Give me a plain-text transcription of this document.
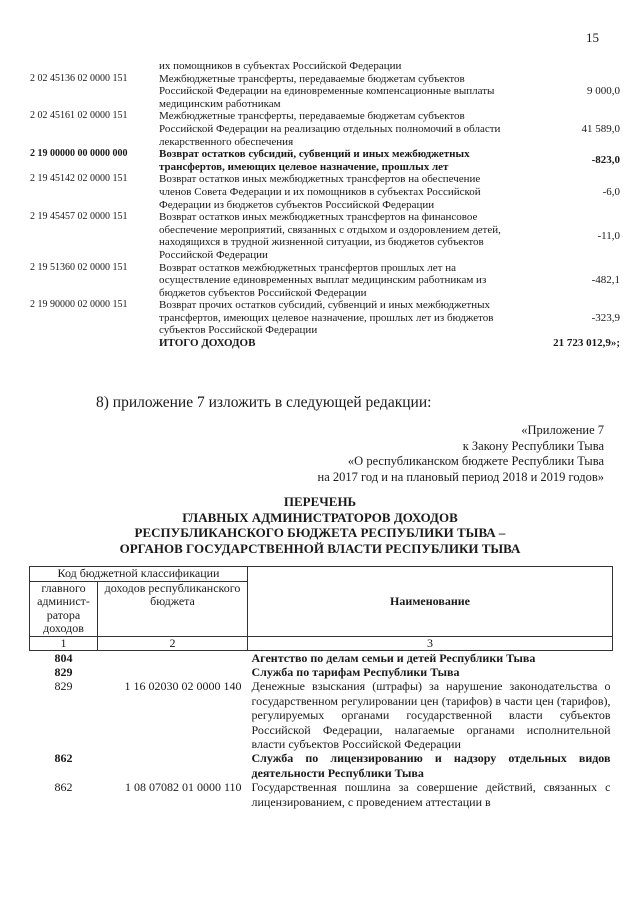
15
	их помощников в субъектах Российской Федерации	
2 02 45136 02 0000 151	Межбюджетные трансферты, передаваемые бюджетам субъектов Российской Федерации на единовременные компенсационные выплаты медицинским работникам	9 000,0
2 02 45161 02 0000 151	Межбюджетные трансферты, передаваемые бюджетам субъектов Российской Федерации на реализацию отдельных полномочий в области лекарственного обеспечения	41 589,0
2 19 00000 00 0000 000	Возврат остатков субсидий, субвенций и иных межбюджетных трансфертов, имеющих целевое назначение, прошлых лет	-823,0
2 19 45142 02 0000 151	Возврат остатков иных межбюджетных трансфертов на обеспечение членов Совета Федерации и их помощников в субъектах Российской Федерации из бюджетов субъектов Российской Федерации	-6,0
2 19 45457 02 0000 151	Возврат остатков иных межбюджетных трансфертов на финансовое обеспечение мероприятий, связанных с отдыхом и оздоровлением детей, находящихся в трудной жизненной ситуации, из бюджетов субъектов Российской Федерации	-11,0
2 19 51360 02 0000 151	Возврат остатков межбюджетных трансфертов прошлых лет на осуществление единовременных выплат медицинским работникам из бюджетов субъектов Российской Федерации	-482,1
2 19 90000 02 0000 151	Возврат прочих остатков субсидий, субвенций и иных межбюджетных трансфертов, имеющих целевое назначение, прошлых лет из бюджетов субъектов Российской Федерации	-323,9
	ИТОГО ДОХОДОВ	21 723 012,9»;
8) приложение 7 изложить в следующей редакции:
«Приложение 7
к Закону Республики Тыва
«О республиканском бюджете Республики Тыва
на 2017 год и на плановый период 2018 и 2019 годов»
ПЕРЕЧЕНЬ
ГЛАВНЫХ АДМИНИСТРАТОРОВ ДОХОДОВ
РЕСПУБЛИКАНСКОГО БЮДЖЕТА РЕСПУБЛИКИ ТЫВА –
ОРГАНОВ ГОСУДАРСТВЕННОЙ ВЛАСТИ РЕСПУБЛИКИ ТЫВА
Код бюджетной классификации		Наименование
главного админист-ратора доходов	доходов республиканского бюджета	
1	2	3
804		Агентство по делам семьи и детей Республики Тыва
829		Служба по тарифам Республики Тыва
829	1 16 02030 02 0000 140	Денежные взыскания (штрафы) за нарушение законодательства о государственном регулировании цен (тарифов) в части цен (тарифов), регулируемых органами государственной власти субъектов Российской Федерации, налагаемые органами исполнительной власти субъектов Российской Федерации
862		Служба по лицензированию и надзору отдельных видов деятельности Республики Тыва
862	1 08 07082 01 0000 110	Государственная пошлина за совершение действий, связанных с лицензированием, с проведением аттестации в
